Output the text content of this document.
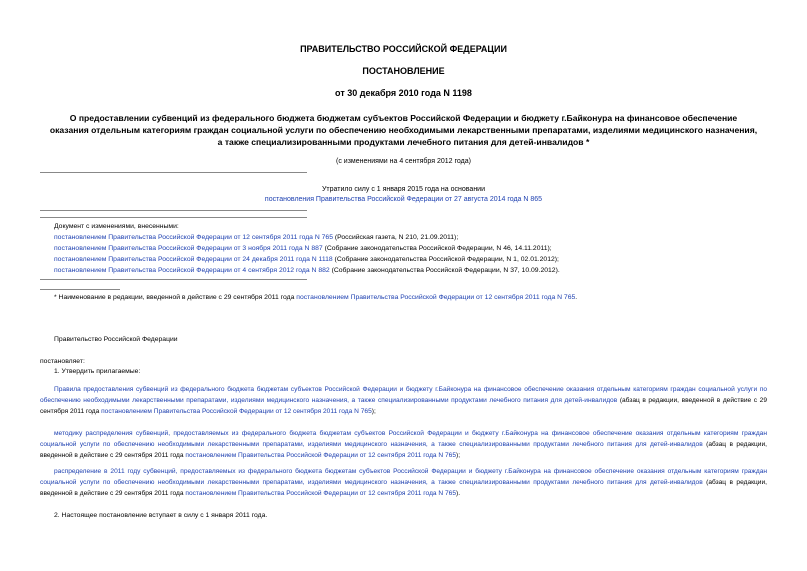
ПРАВИТЕЛЬСТВО РОССИЙСКОЙ ФЕДЕРАЦИИ
ПОСТАНОВЛЕНИЕ
от 30 декабря 2010 года N 1198
О предоставлении субвенций из федерального бюджета бюджетам субъектов Российской Федерации и бюджету г.Байконура на финансовое обеспечение
оказания отдельным категориям граждан социальной услуги по обеспечению необходимыми лекарственными препаратами, изделиями медицинского назначения,
а также специализированными продуктами лечебного питания для детей-инвалидов *
(с изменениями на 4 сентября 2012 года)
Утратило силу с 1 января 2015 года на основании
постановления Правительства Российской Федерации от 27 августа 2014 года N 865
Документ с изменениями, внесенными:
постановлением Правительства Российской Федерации от 12 сентября 2011 года N 765 (Российская газета, N 210, 21.09.2011);
постановлением Правительства Российской Федерации от 3 ноября 2011 года N 887 (Собрание законодательства Российской Федерации, N 46, 14.11.2011);
постановлением Правительства Российской Федерации от 24 декабря 2011 года N 1118 (Собрание законодательства Российской Федерации, N 1, 02.01.2012);
постановлением Правительства Российской Федерации от 4 сентября 2012 года N 882 (Собрание законодательства Российской Федерации, N 37, 10.09.2012).
* Наименование в редакции, введенной в действие с 29 сентября 2011 года постановлением Правительства Российской Федерации от 12 сентября 2011 года N 765.
Правительство Российской Федерации
постановляет:
1. Утвердить прилагаемые:
Правила предоставления субвенций из федерального бюджета бюджетам субъектов Российской Федерации и бюджету г.Байконура на финансовое обеспечение оказания отдельным категориям граждан социальной услуги по обеспечению необходимыми лекарственными препаратами, изделиями медицинского назначения, а также специализированными продуктами лечебного питания для детей-инвалидов (абзац в редакции, введенной в действие с 29 сентября 2011 года постановлением Правительства Российской Федерации от 12 сентября 2011 года N 765);
методику распределения субвенций, предоставляемых из федерального бюджета бюджетам субъектов Российской Федерации и бюджету г.Байконура на финансовое обеспечение оказания отдельным категориям граждан социальной услуги по обеспечению необходимыми лекарственными препаратами, изделиями медицинского назначения, а также специализированными продуктами лечебного питания для детей-инвалидов (абзац в редакции, введенной в действие с 29 сентября 2011 года постановлением Правительства Российской Федерации от 12 сентября 2011 года N 765);
распределение в 2011 году субвенций, предоставляемых из федерального бюджета бюджетам субъектов Российской Федерации и бюджету г.Байконура на финансовое обеспечение оказания отдельным категориям граждан социальной услуги по обеспечению необходимыми лекарственными препаратами, изделиями медицинского назначения, а также специализированными продуктами лечебного питания для детей-инвалидов (абзац в редакции, введенной в действие с 29 сентября 2011 года постановлением Правительства Российской Федерации от 12 сентября 2011 года N 765).
2. Настоящее постановление вступает в силу с 1 января 2011 года.
